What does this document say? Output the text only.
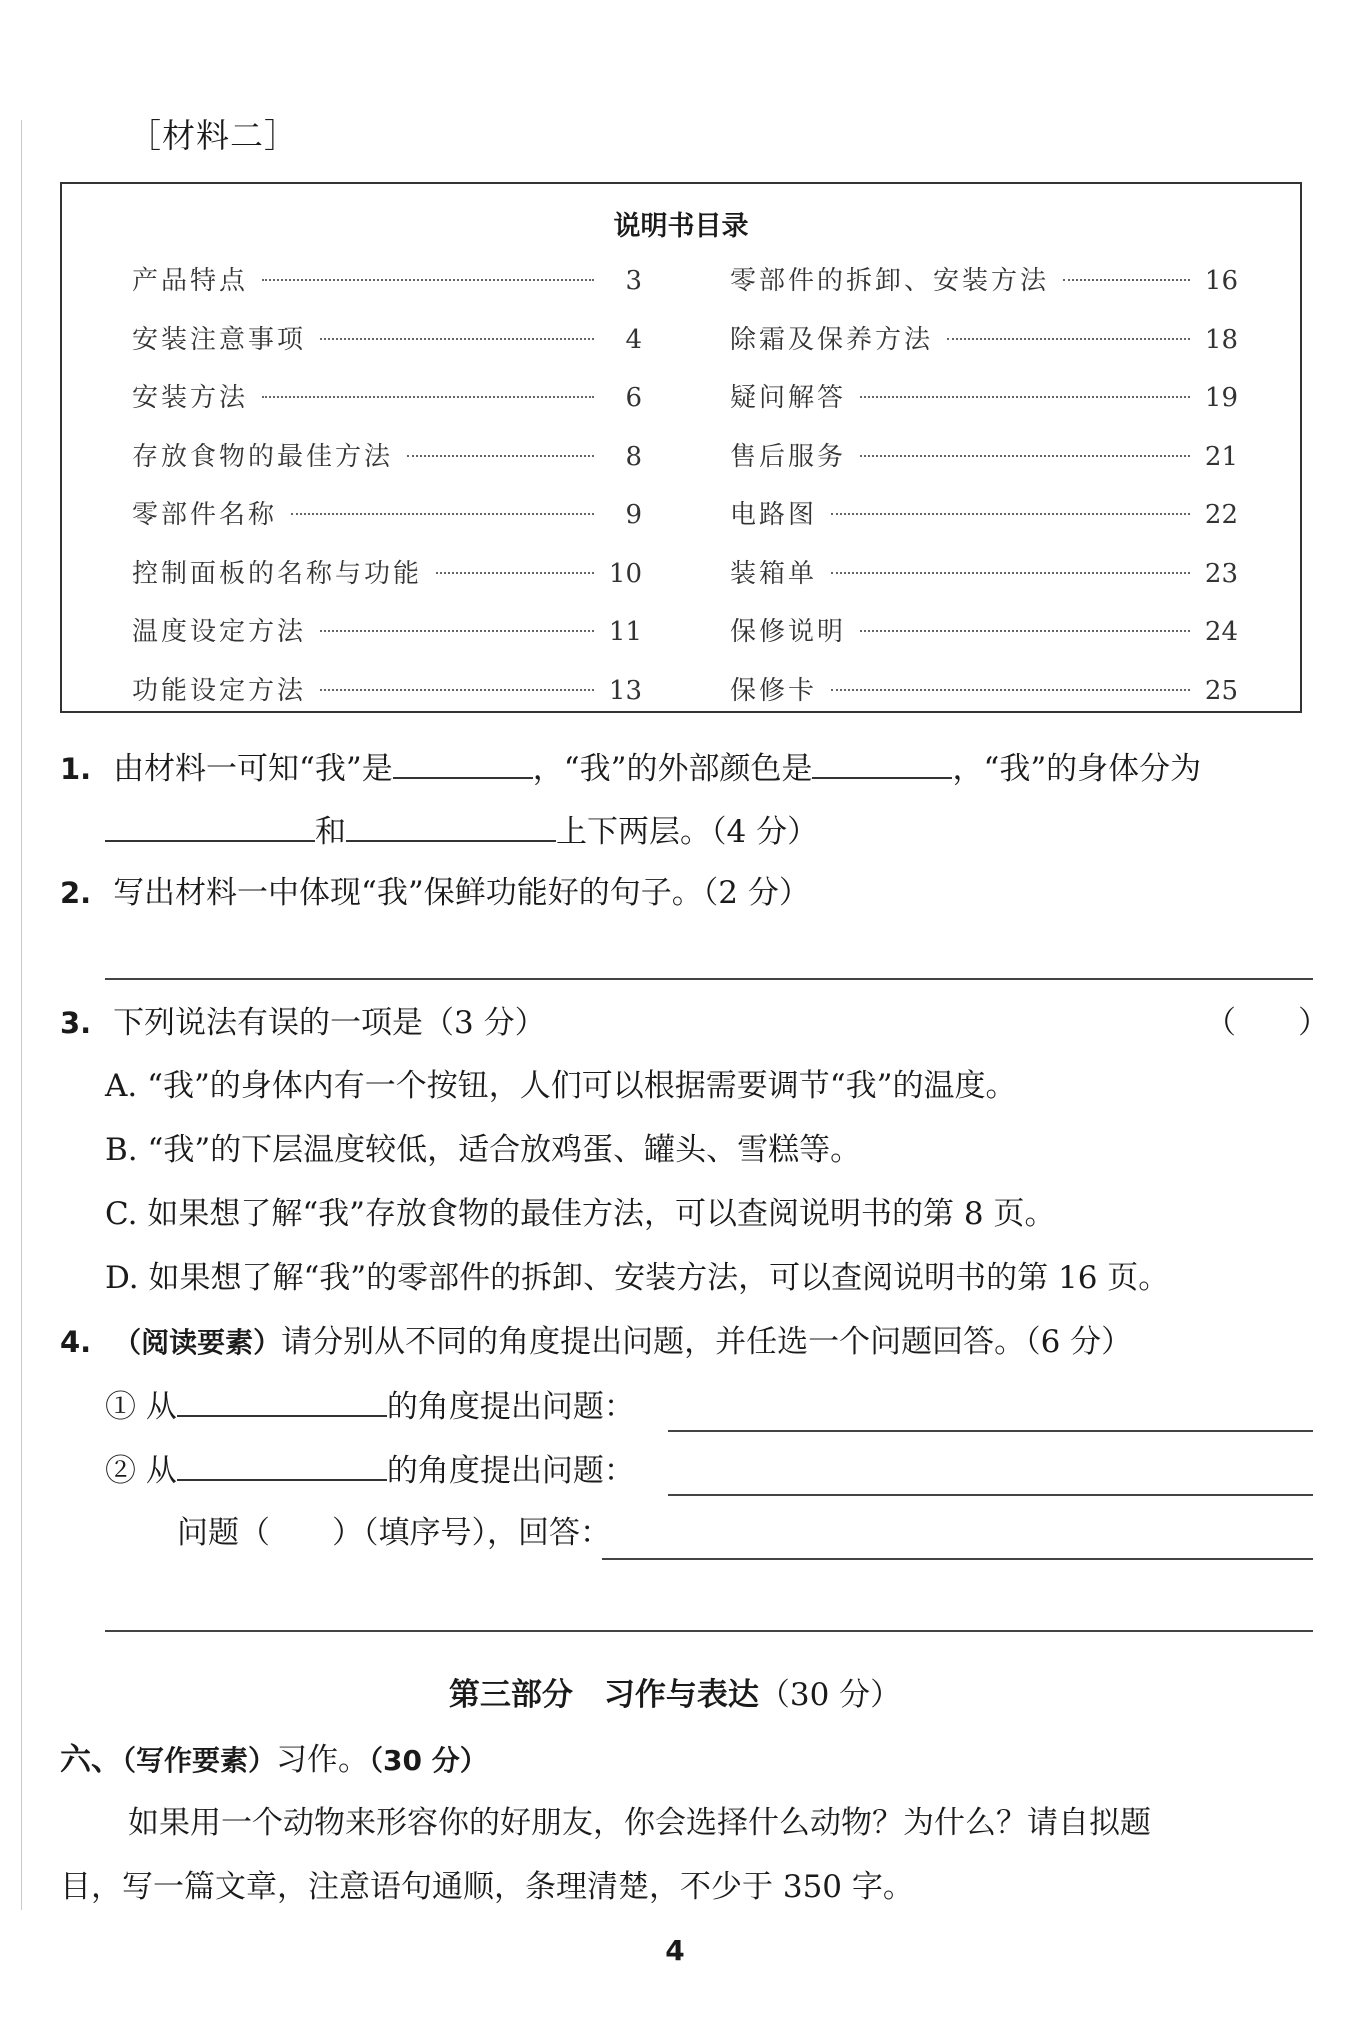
［材料二］
说明书目录
产品特点	3
安装注意事项	4
安装方法	6
存放食物的最佳方法	8
零部件名称	9
控制面板的名称与功能	10
温度设定方法	11
功能设定方法	13
零部件的拆卸、安装方法	16
除霜及保养方法	18
疑问解答	19
售后服务	21
电路图	22
装箱单	23
保修说明	24
保修卡	25
1. 由材料一可知“我”是	，“我”的外部颜色是	，“我”的身体分为
和	上下两层。（4 分）
2. 写出材料一中体现“我”保鲜功能好的句子。（2 分）
3. 下列说法有误的一项是（3 分）	（　　）
A. “我”的身体内有一个按钮，人们可以根据需要调节“我”的温度。
B. “我”的下层温度较低，适合放鸡蛋、罐头、雪糕等。
C. 如果想了解“我”存放食物的最佳方法，可以查阅说明书的第 8 页。
D. 如果想了解“我”的零部件的拆卸、安装方法，可以查阅说明书的第 16 页。
4. （阅读要素）请分别从不同的角度提出问题，并任选一个问题回答。（6 分）
① 从	的角度提出问题：
② 从	的角度提出问题：
问题（　　）（填序号），回答：
第三部分　习作与表达（30 分）
六、（写作要素）习作。（30 分）
如果用一个动物来形容你的好朋友，你会选择什么动物？为什么？请自拟题
目，写一篇文章，注意语句通顺，条理清楚，不少于 350 字。
4
